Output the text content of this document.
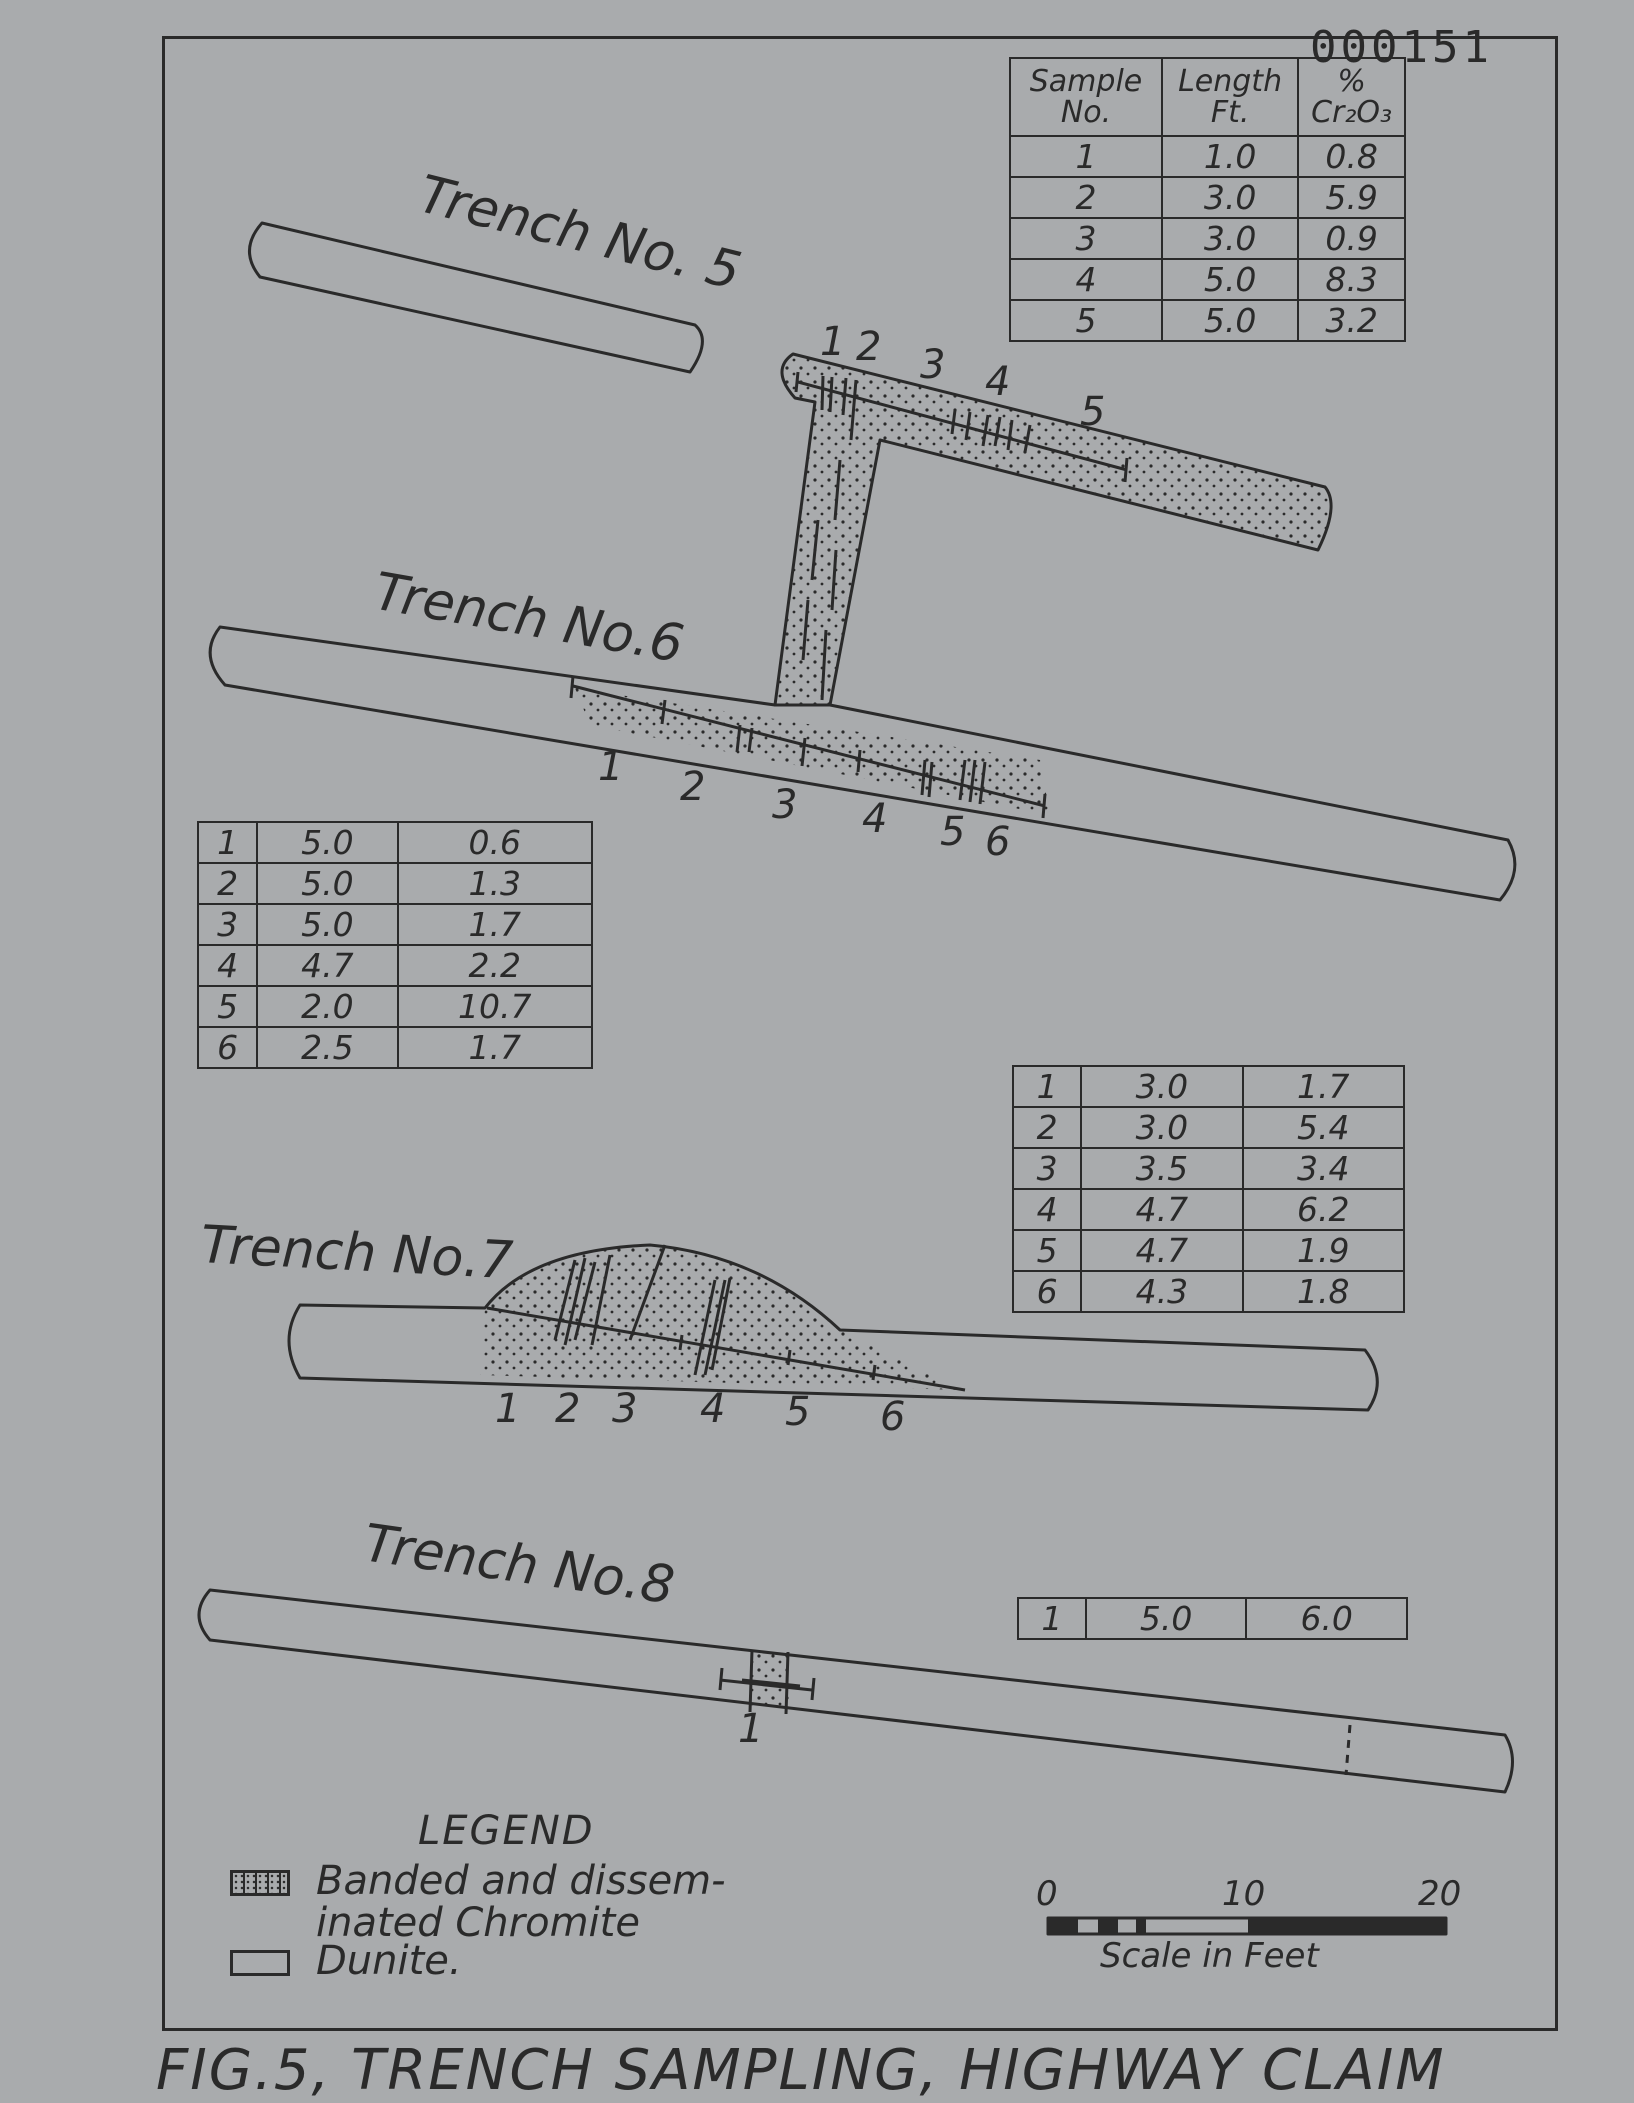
000151
Trench No. 5
Trench No.6
Trench No.7
Trench No.8
1 2 3 4
5
1 2 3 4 5 6
1 2 3 4 5 6
1
Sample No.	Length Ft.	% Cr₂O₃
1	1.0	0.8
2	3.0	5.9
3	3.0	0.9
4	5.0	8.3
5	5.0	3.2
1	5.0	0.6
2	5.0	1.3
3	5.0	1.7
4	4.7	2.2
5	2.0	10.7
6	2.5	1.7
1	3.0	1.7
2	3.0	5.4
3	3.5	3.4
4	4.7	6.2
5	4.7	1.9
6	4.3	1.8
1	5.0	6.0
LEGEND
Banded and dissem-
inated Chromite
Dunite.
0	10	20
Scale in Feet
FIG.5, TRENCH SAMPLING, HIGHWAY CLAIM
